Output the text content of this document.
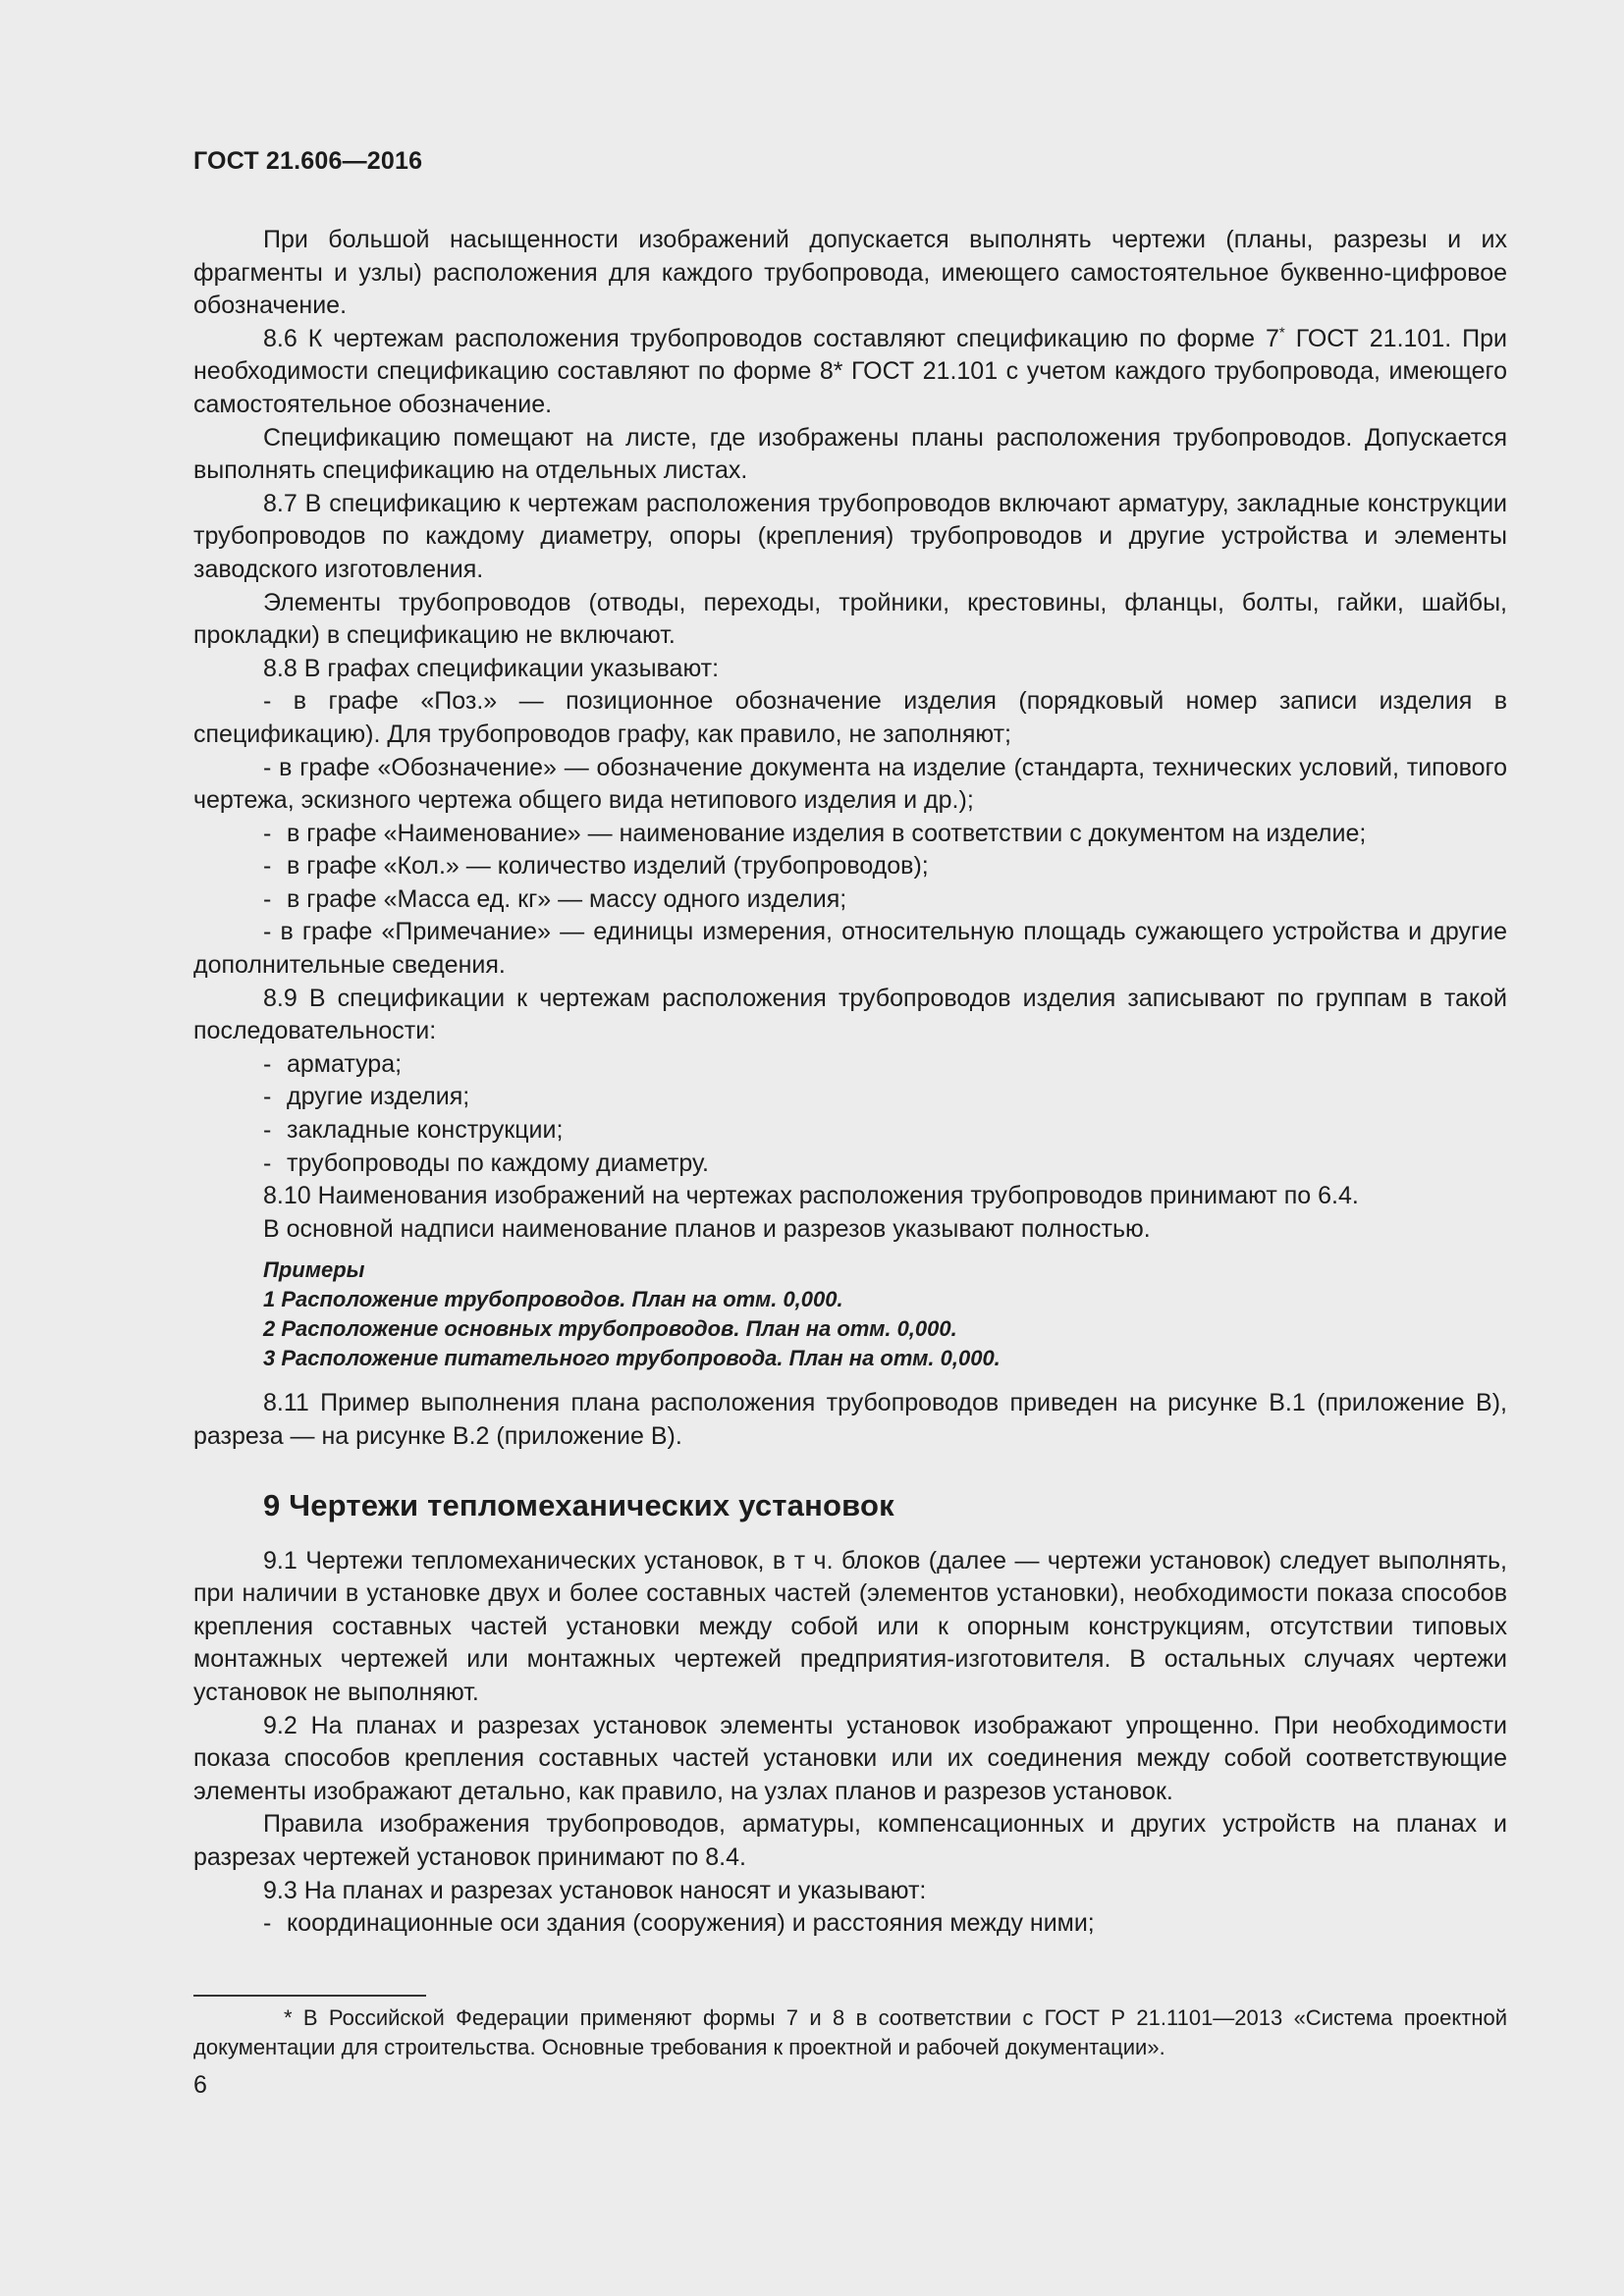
ГОСТ 21.606—2016

При большой насыщенности изображений допускается выполнять чертежи (планы, разрезы и их фрагменты и узлы) расположения для каждого трубопровода, имеющего самостоятельное буквенно-цифровое обозначение.

8.6 К чертежам расположения трубопроводов составляют спецификацию по форме 7* ГОСТ 21.101. При необходимости спецификацию составляют по форме 8* ГОСТ 21.101 с учетом каждого трубопровода, имеющего самостоятельное обозначение.

Спецификацию помещают на листе, где изображены планы расположения трубопроводов. Допускается выполнять спецификацию на отдельных листах.

8.7 В спецификацию к чертежам расположения трубопроводов включают арматуру, закладные конструкции трубопроводов по каждому диаметру, опоры (крепления) трубопроводов и другие устройства и элементы заводского изготовления.

Элементы трубопроводов (отводы, переходы, тройники, крестовины, фланцы, болты, гайки, шайбы, прокладки) в спецификацию не включают.

8.8 В графах спецификации указывают:

- в графе «Поз.» — позиционное обозначение изделия (порядковый номер записи изделия в спецификацию). Для трубопроводов графу, как правило, не заполняют;

- в графе «Обозначение» — обозначение документа на изделие (стандарта, технических условий, типового чертежа, эскизного чертежа общего вида нетипового изделия и др.);

- в графе «Наименование» — наименование изделия в соответствии с документом на изделие;
- в графе «Кол.» — количество изделий (трубопроводов);
- в графе «Масса ед. кг» — массу одного изделия;

- в графе «Примечание» — единицы измерения, относительную площадь сужающего устройства и другие дополнительные сведения.

8.9 В спецификации к чертежам расположения трубопроводов изделия записывают по группам в такой последовательности:

- арматура;
- другие изделия;
- закладные конструкции;
- трубопроводы по каждому диаметру.

8.10 Наименования изображений на чертежах расположения трубопроводов принимают по 6.4.

В основной надписи наименование планов и разрезов указывают полностью.

Примеры
1 Расположение трубопроводов. План на отм. 0,000.
2 Расположение основных трубопроводов. План на отм. 0,000.
3 Расположение питательного трубопровода. План на отм. 0,000.

8.11 Пример выполнения плана расположения трубопроводов приведен на рисунке В.1 (приложение В), разреза — на рисунке В.2 (приложение В).

9 Чертежи тепломеханических установок

9.1 Чертежи тепломеханических установок, в т ч. блоков (далее — чертежи установок) следует выполнять, при наличии в установке двух и более составных частей (элементов установки), необходимости показа способов крепления составных частей установки между собой или к опорным конструкциям, отсутствии типовых монтажных чертежей или монтажных чертежей предприятия-изготовителя. В остальных случаях чертежи установок не выполняют.

9.2 На планах и разрезах установок элементы установок изображают упрощенно. При необходимости показа способов крепления составных частей установки или их соединения между собой соответствующие элементы изображают детально, как правило, на узлах планов и разрезов установок.

Правила изображения трубопроводов, арматуры, компенсационных и других устройств на планах и разрезах чертежей установок принимают по 8.4.

9.3 На планах и разрезах установок наносят и указывают:

- координационные оси здания (сооружения) и расстояния между ними;

* В Российской Федерации применяют формы 7 и 8 в соответствии с ГОСТ Р 21.1101—2013 «Система проектной документации для строительства. Основные требования к проектной и рабочей документации».

6
